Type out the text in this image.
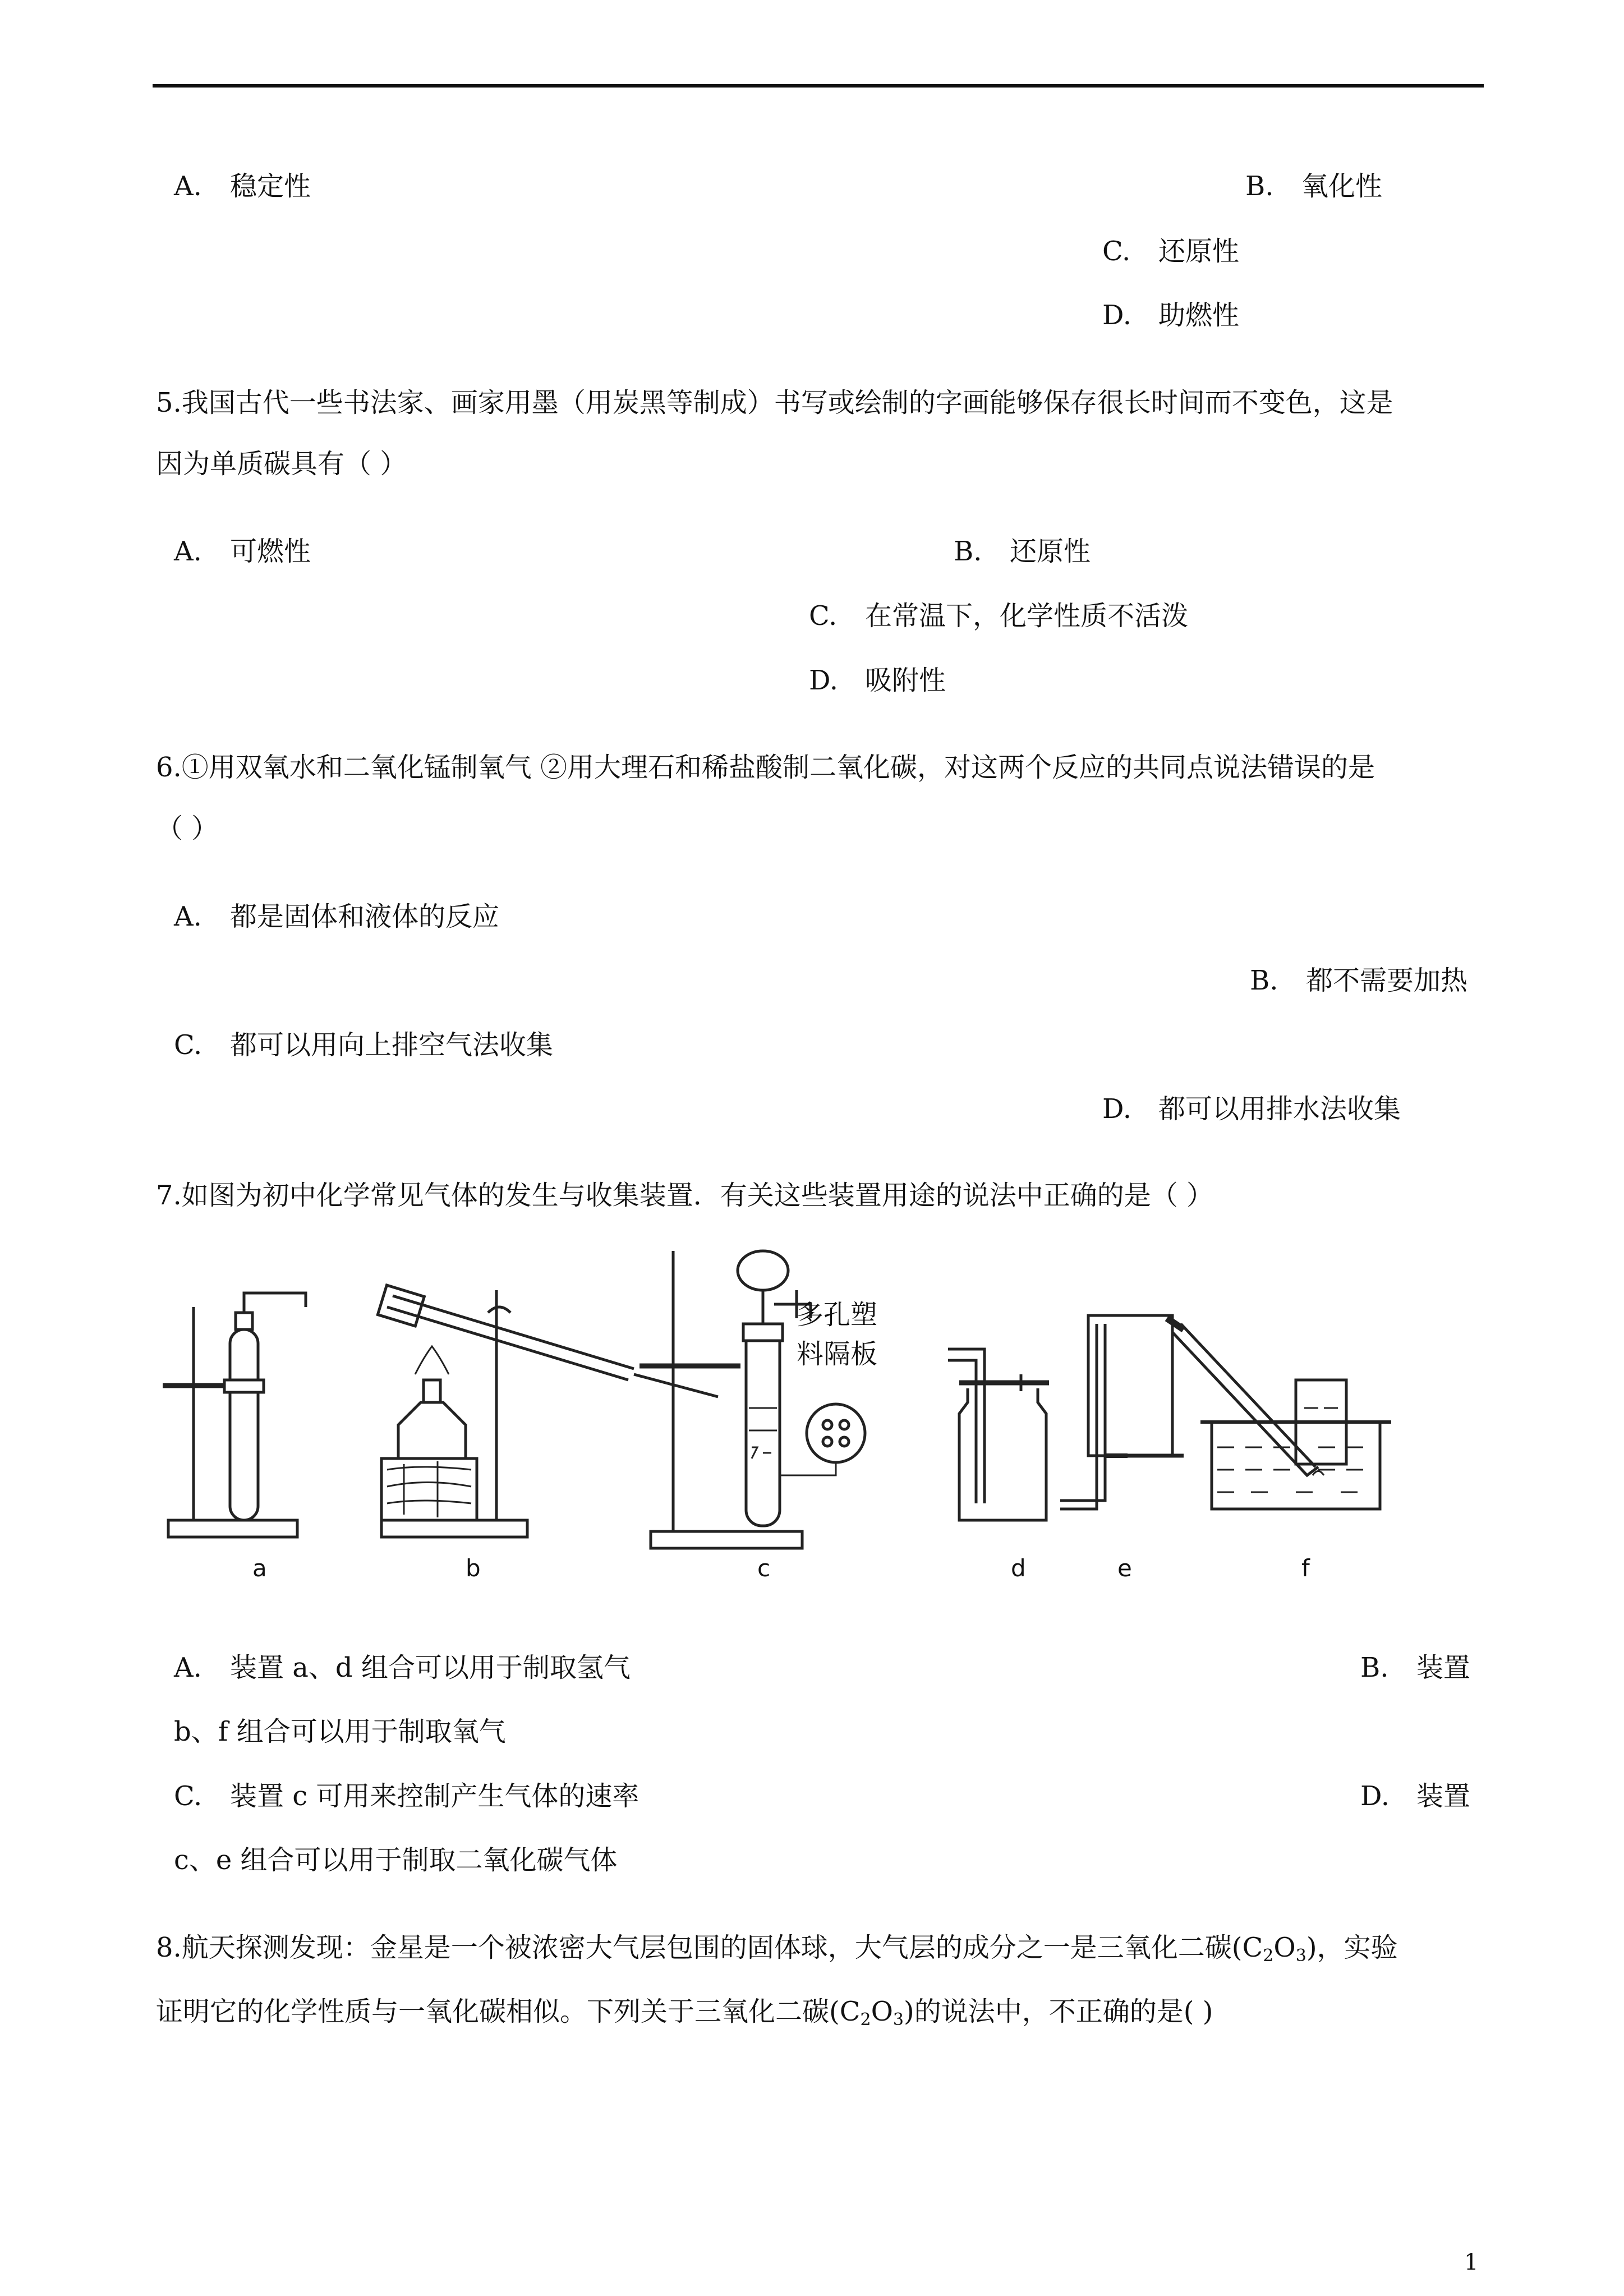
A. 稳定性	B. 氧化性
C. 还原性
D. 助燃性
5.我国古代一些书法家、画家用墨（用炭黑等制成）书写或绘制的字画能够保存很长时间而不变色，这是
因为单质碳具有（ ）
A. 可燃性	B. 还原性
C. 在常温下，化学性质不活泼
D. 吸附性
6.①用双氧水和二氧化锰制氧气 ②用大理石和稀盐酸制二氧化碳，对这两个反应的共同点说法错误的是
（ ）
A. 都是固体和液体的反应
B. 都不需要加热
C. 都可以用向上排空气法收集
D. 都可以用排水法收集
7.如图为初中化学常见气体的发生与收集装置．有关这些装置用途的说法中正确的是（ ）
多孔塑
料隔板
a	b	c	d	e	f
A. 装置 a、d 组合可以用于制取氢气	B. 装置
b、f 组合可以用于制取氧气
C. 装置 c 可用来控制产生气体的速率	D. 装置
c、e 组合可以用于制取二氧化碳气体
8.航天探测发现：金星是一个被浓密大气层包围的固体球，大气层的成分之一是三氧化二碳$(C_2O_3)$，实验
证明它的化学性质与一氧化碳相似。下列关于三氧化二碳$(C_2O_3)$的说法中，不正确的是( )
1
